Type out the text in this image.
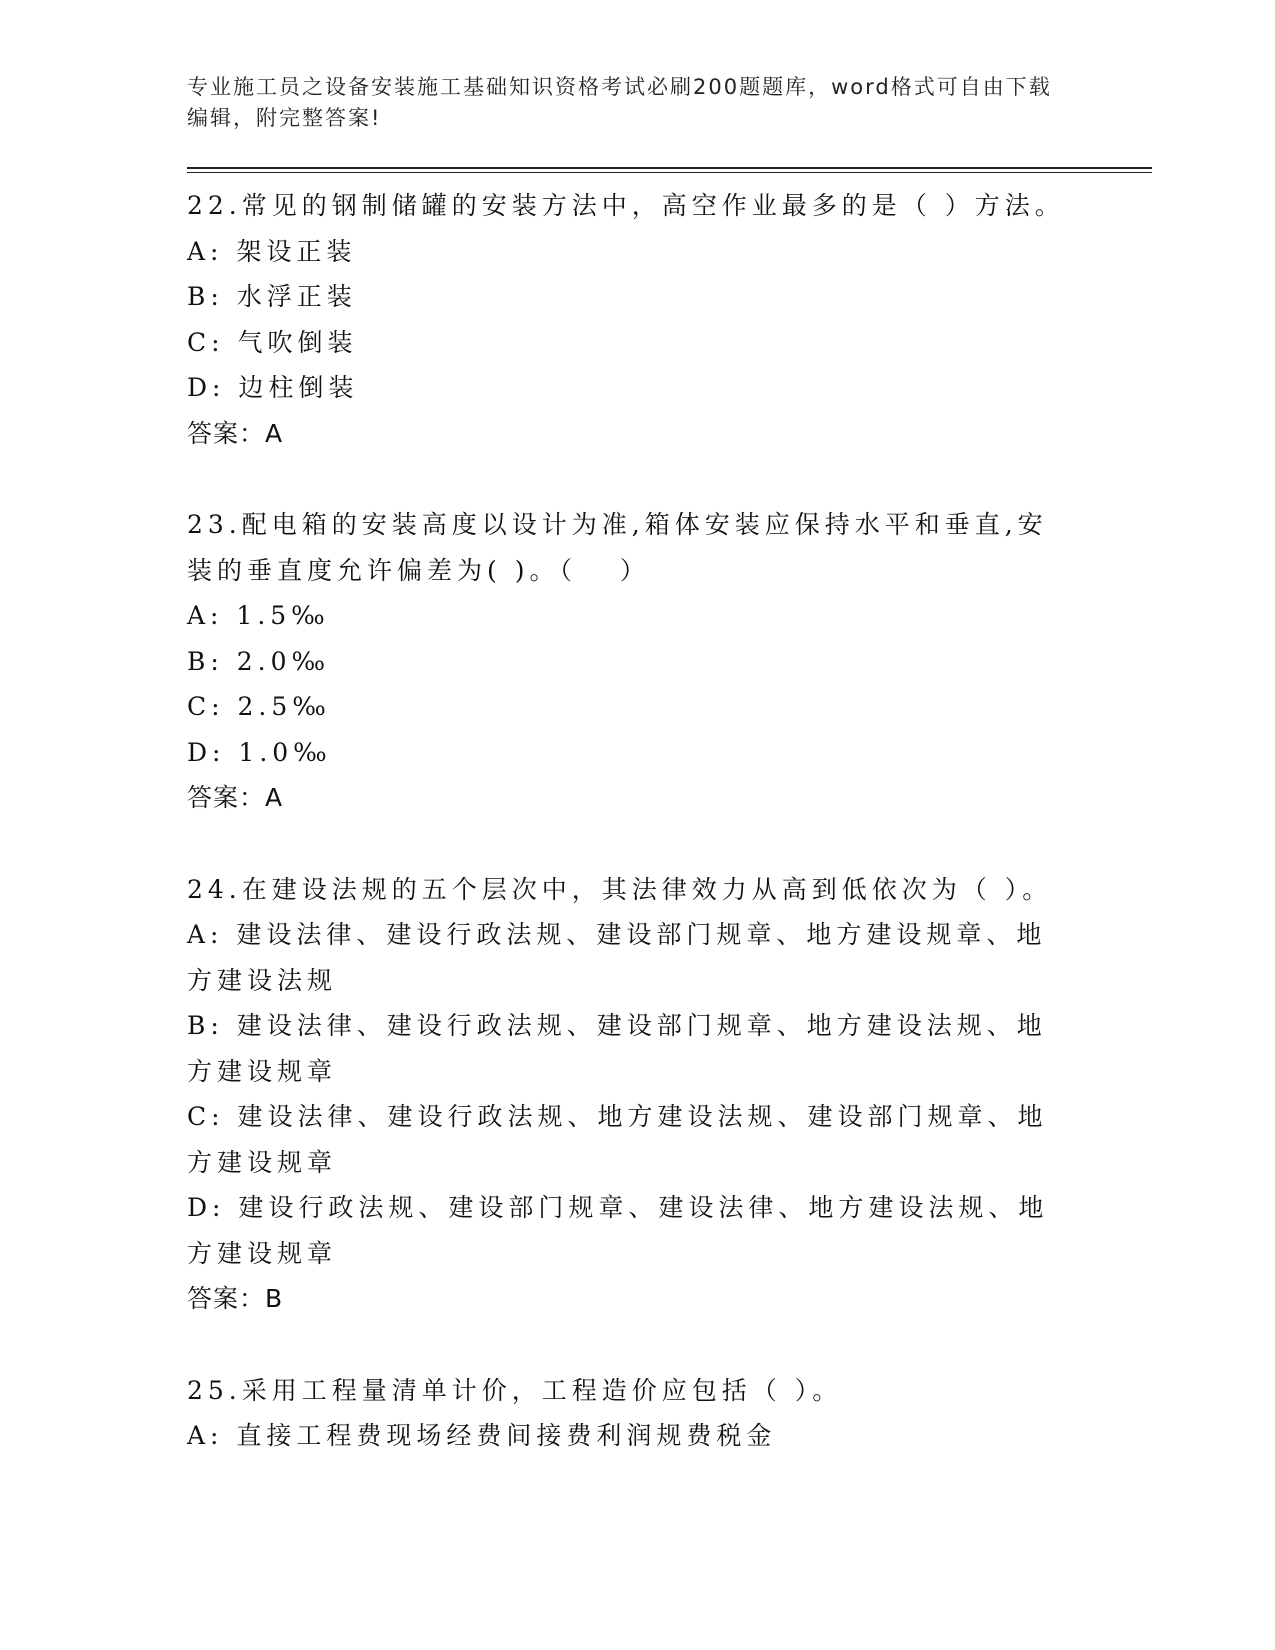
专业施工员之设备安装施工基础知识资格考试必刷200题题库，word格式可自由下载编辑，附完整答案!

22.常见的钢制储罐的安装方法中，高空作业最多的是（ ）方法。

A: 架设正装

B: 水浮正装

C: 气吹倒装

D: 边柱倒装

答案：A

23.配电箱的安装高度以设计为准,箱体安装应保持水平和垂直,安装的垂直度允许偏差为( )。（　 ）

A: 1.5‰

B: 2.0‰

C: 2.5‰

D: 1.0‰

答案：A

24.在建设法规的五个层次中，其法律效力从高到低依次为（ ）。

A: 建设法律、建设行政法规、建设部门规章、地方建设规章、地方建设法规

B: 建设法律、建设行政法规、建设部门规章、地方建设法规、地方建设规章

C: 建设法律、建设行政法规、地方建设法规、建设部门规章、地方建设规章

D: 建设行政法规、建设部门规章、建设法律、地方建设法规、地方建设规章

答案：B

25.采用工程量清单计价，工程造价应包括（ ）。

A: 直接工程费现场经费间接费利润规费税金
